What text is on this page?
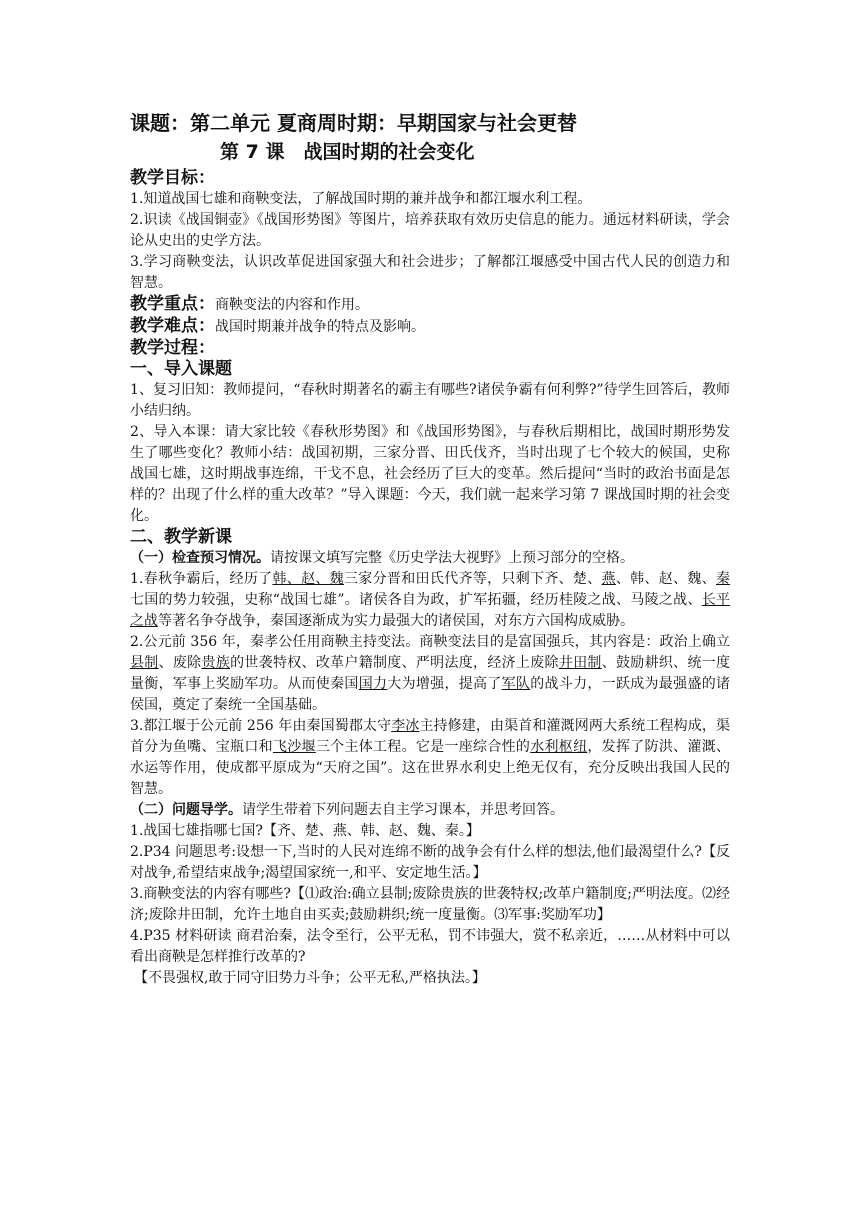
课题：第二单元 夏商周时期：早期国家与社会更替

第 7 课　战国时期的社会变化

教学目标：

1.知道战国七雄和商鞅变法，了解战国时期的兼并战争和都江堰水利工程。

2.识读《战国铜壶》《战国形势图》等图片，培养获取有效历史信息的能力。通远材料研读，学会论从史出的史学方法。

3.学习商鞅变法，认识改革促进国家强大和社会进步；了解都江堰感受中国古代人民的创造力和智慧。

教学重点：商鞅变法的内容和作用。

教学难点：战国时期兼并战争的特点及影响。

教学过程：

一、导入课题

1、复习旧知：教师提问，“春秋时期著名的霸主有哪些?诸侯争霸有何利弊?”待学生回答后，教师小结归纳。

2、导入本课：请大家比较《春秋形势图》和《战国形势图》，与春秋后期相比，战国时期形势发生了哪些变化？教师小结：战国初期，三家分晋、田氏伐齐，当时出现了七个较大的候国，史称战国七雄，这时期战事连绵，干戈不息，社会经历了巨大的变革。然后提问“当时的政治书面是怎样的？出现了什么样的重大改革？”导入课题：今天，我们就一起来学习第 7 课战国时期的社会变化。

二、教学新课

（一）检查预习情况。请按课文填写完整《历史学法大视野》上预习部分的空格。

1.春秋争霸后，经历了韩、赵、魏三家分晋和田氏代齐等，只剩下齐、楚、燕、韩、赵、魏、秦七国的势力较强，史称“战国七雄”。诸侯各自为政，扩军拓疆，经历桂陵之战、马陵之战、长平之战等著名争夺战争，秦国逐渐成为实力最强大的诸侯国，对东方六国构成威胁。

2.公元前 356 年，秦孝公任用商鞅主持变法。商鞅变法目的是富国强兵，其内容是：政治上确立县制、废除贵族的世袭特权、改革户籍制度、严明法度，经济上废除井田制、鼓励耕织、统一度量衡，军事上奖励军功。从而使秦国国力大为增强，提高了军队的战斗力，一跃成为最强盛的诸侯国，奠定了秦统一全国基础。

3.都江堰于公元前 256 年由秦国蜀郡太守李冰主持修建，由渠首和灌溉网两大系统工程构成，渠首分为鱼嘴、宝瓶口和飞沙堰三个主体工程。它是一座综合性的水利枢纽，发挥了防洪、灌溉、水运等作用，使成都平原成为“天府之国”。这在世界水利史上绝无仅有，充分反映出我国人民的智慧。

（二）问题导学。请学生带着下列问题去自主学习课本，并思考回答。

1.战国七雄指哪七国?【齐、楚、燕、韩、赵、魏、秦。】

2.P34 问题思考:设想一下,当时的人民对连绵不断的战争会有什么样的想法,他们最渴望什么?【反对战争,希望结束战争;渴望国家统一,和平、安定地生活。】

3.商鞅变法的内容有哪些?【⑴政治:确立县制;废除贵族的世袭特权;改革户籍制度;严明法度。⑵经济;废除井田制，允许土地自由买卖;鼓励耕织;统一度量衡。⑶军事:奖励军功】

4.P35 材料研读 商君治秦，法令至行，公平无私，罚不讳强大，赏不私亲近，……从材料中可以看出商鞅是怎样推行改革的?

【不畏强权,敢于同守旧势力斗争；公平无私,严格执法。】
